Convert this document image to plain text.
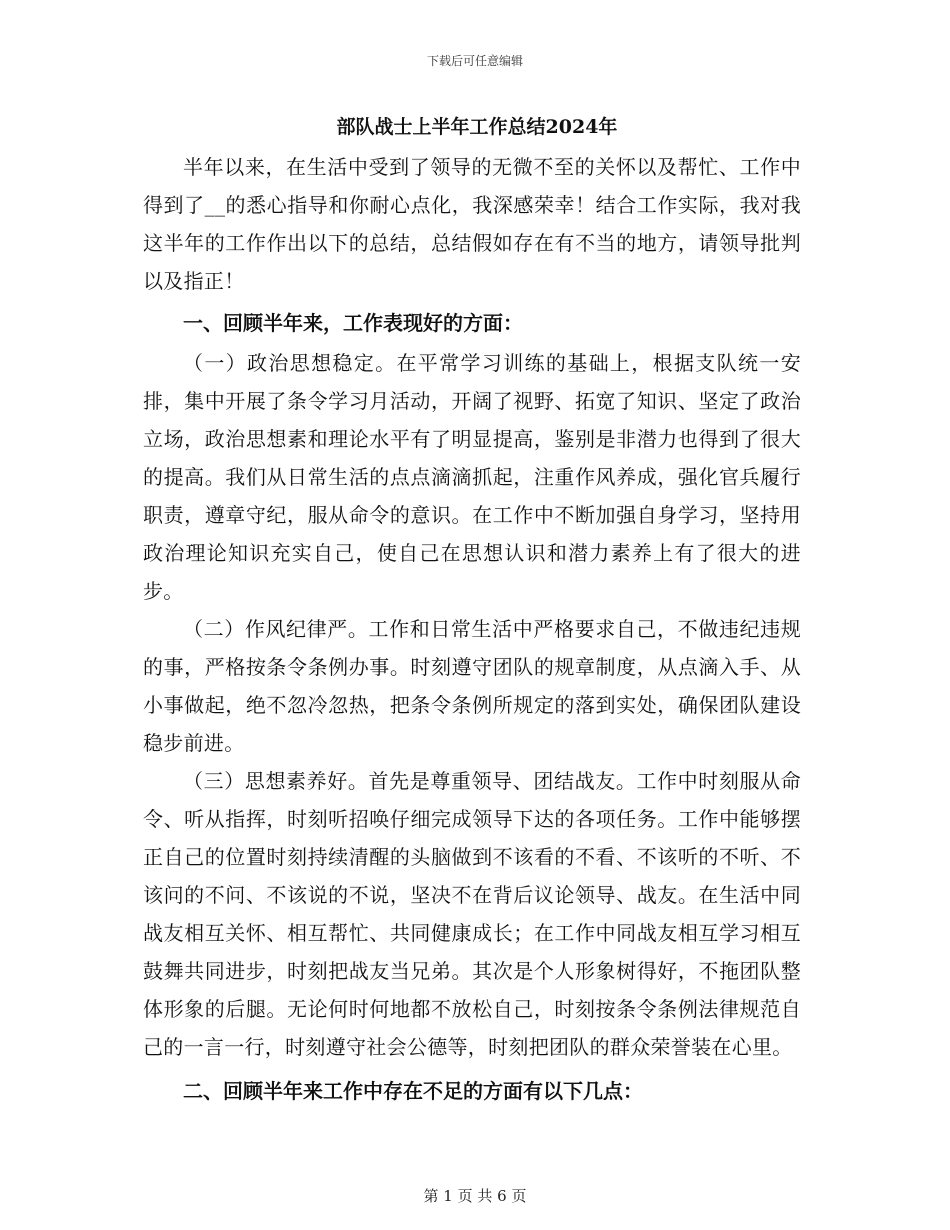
下载后可任意编辑
部队战士上半年工作总结2024年

半年以来，在生活中受到了领导的无微不至的关怀以及帮忙、工作中得到了__的悉心指导和你耐心点化，我深感荣幸！结合工作实际，我对我这半年的工作作出以下的总结，总结假如存在有不当的地方，请领导批判以及指正！

一、回顾半年来，工作表现好的方面：

（一）政治思想稳定。在平常学习训练的基础上，根据支队统一安排，集中开展了条令学习月活动，开阔了视野、拓宽了知识、坚定了政治立场，政治思想素和理论水平有了明显提高，鉴别是非潜力也得到了很大的提高。我们从日常生活的点点滴滴抓起，注重作风养成，强化官兵履行职责，遵章守纪，服从命令的意识。在工作中不断加强自身学习，坚持用政治理论知识充实自己，使自己在思想认识和潜力素养上有了很大的进步。

（二）作风纪律严。工作和日常生活中严格要求自己，不做违纪违规的事，严格按条令条例办事。时刻遵守团队的规章制度，从点滴入手、从小事做起，绝不忽冷忽热，把条令条例所规定的落到实处，确保团队建设稳步前进。

（三）思想素养好。首先是尊重领导、团结战友。工作中时刻服从命令、听从指挥，时刻听招唤仔细完成领导下达的各项任务。工作中能够摆正自己的位置时刻持续清醒的头脑做到不该看的不看、不该听的不听、不该问的不问、不该说的不说，坚决不在背后议论领导、战友。在生活中同战友相互关怀、相互帮忙、共同健康成长；在工作中同战友相互学习相互鼓舞共同进步，时刻把战友当兄弟。其次是个人形象树得好，不拖团队整体形象的后腿。无论何时何地都不放松自己，时刻按条令条例法律规范自己的一言一行，时刻遵守社会公德等，时刻把团队的群众荣誉装在心里。

二、回顾半年来工作中存在不足的方面有以下几点：

第 1 页 共 6 页
